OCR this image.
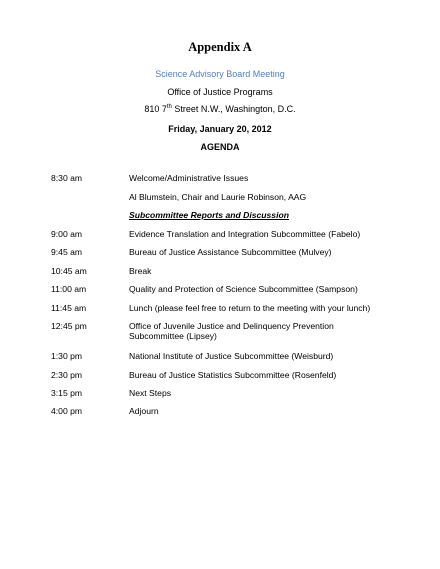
Appendix A
Science Advisory Board Meeting
Office of Justice Programs
810 7th Street N.W., Washington, D.C.
Friday, January 20, 2012
AGENDA
8:30 am	Welcome/Administrative Issues
Al Blumstein, Chair and Laurie Robinson, AAG
Subcommittee Reports and Discussion
9:00 am	Evidence Translation and Integration Subcommittee (Fabelo)
9:45 am	Bureau of Justice Assistance Subcommittee (Mulvey)
10:45 am	Break
11:00 am	Quality and Protection of Science Subcommittee (Sampson)
11:45 am	Lunch (please feel free to return to the meeting with your lunch)
12:45 pm	Office of Juvenile Justice and Delinquency Prevention Subcommittee (Lipsey)
1:30 pm	National Institute of Justice Subcommittee (Weisburd)
2:30 pm	Bureau of Justice Statistics Subcommittee (Rosenfeld)
3:15 pm	Next Steps
4:00 pm	Adjourn
